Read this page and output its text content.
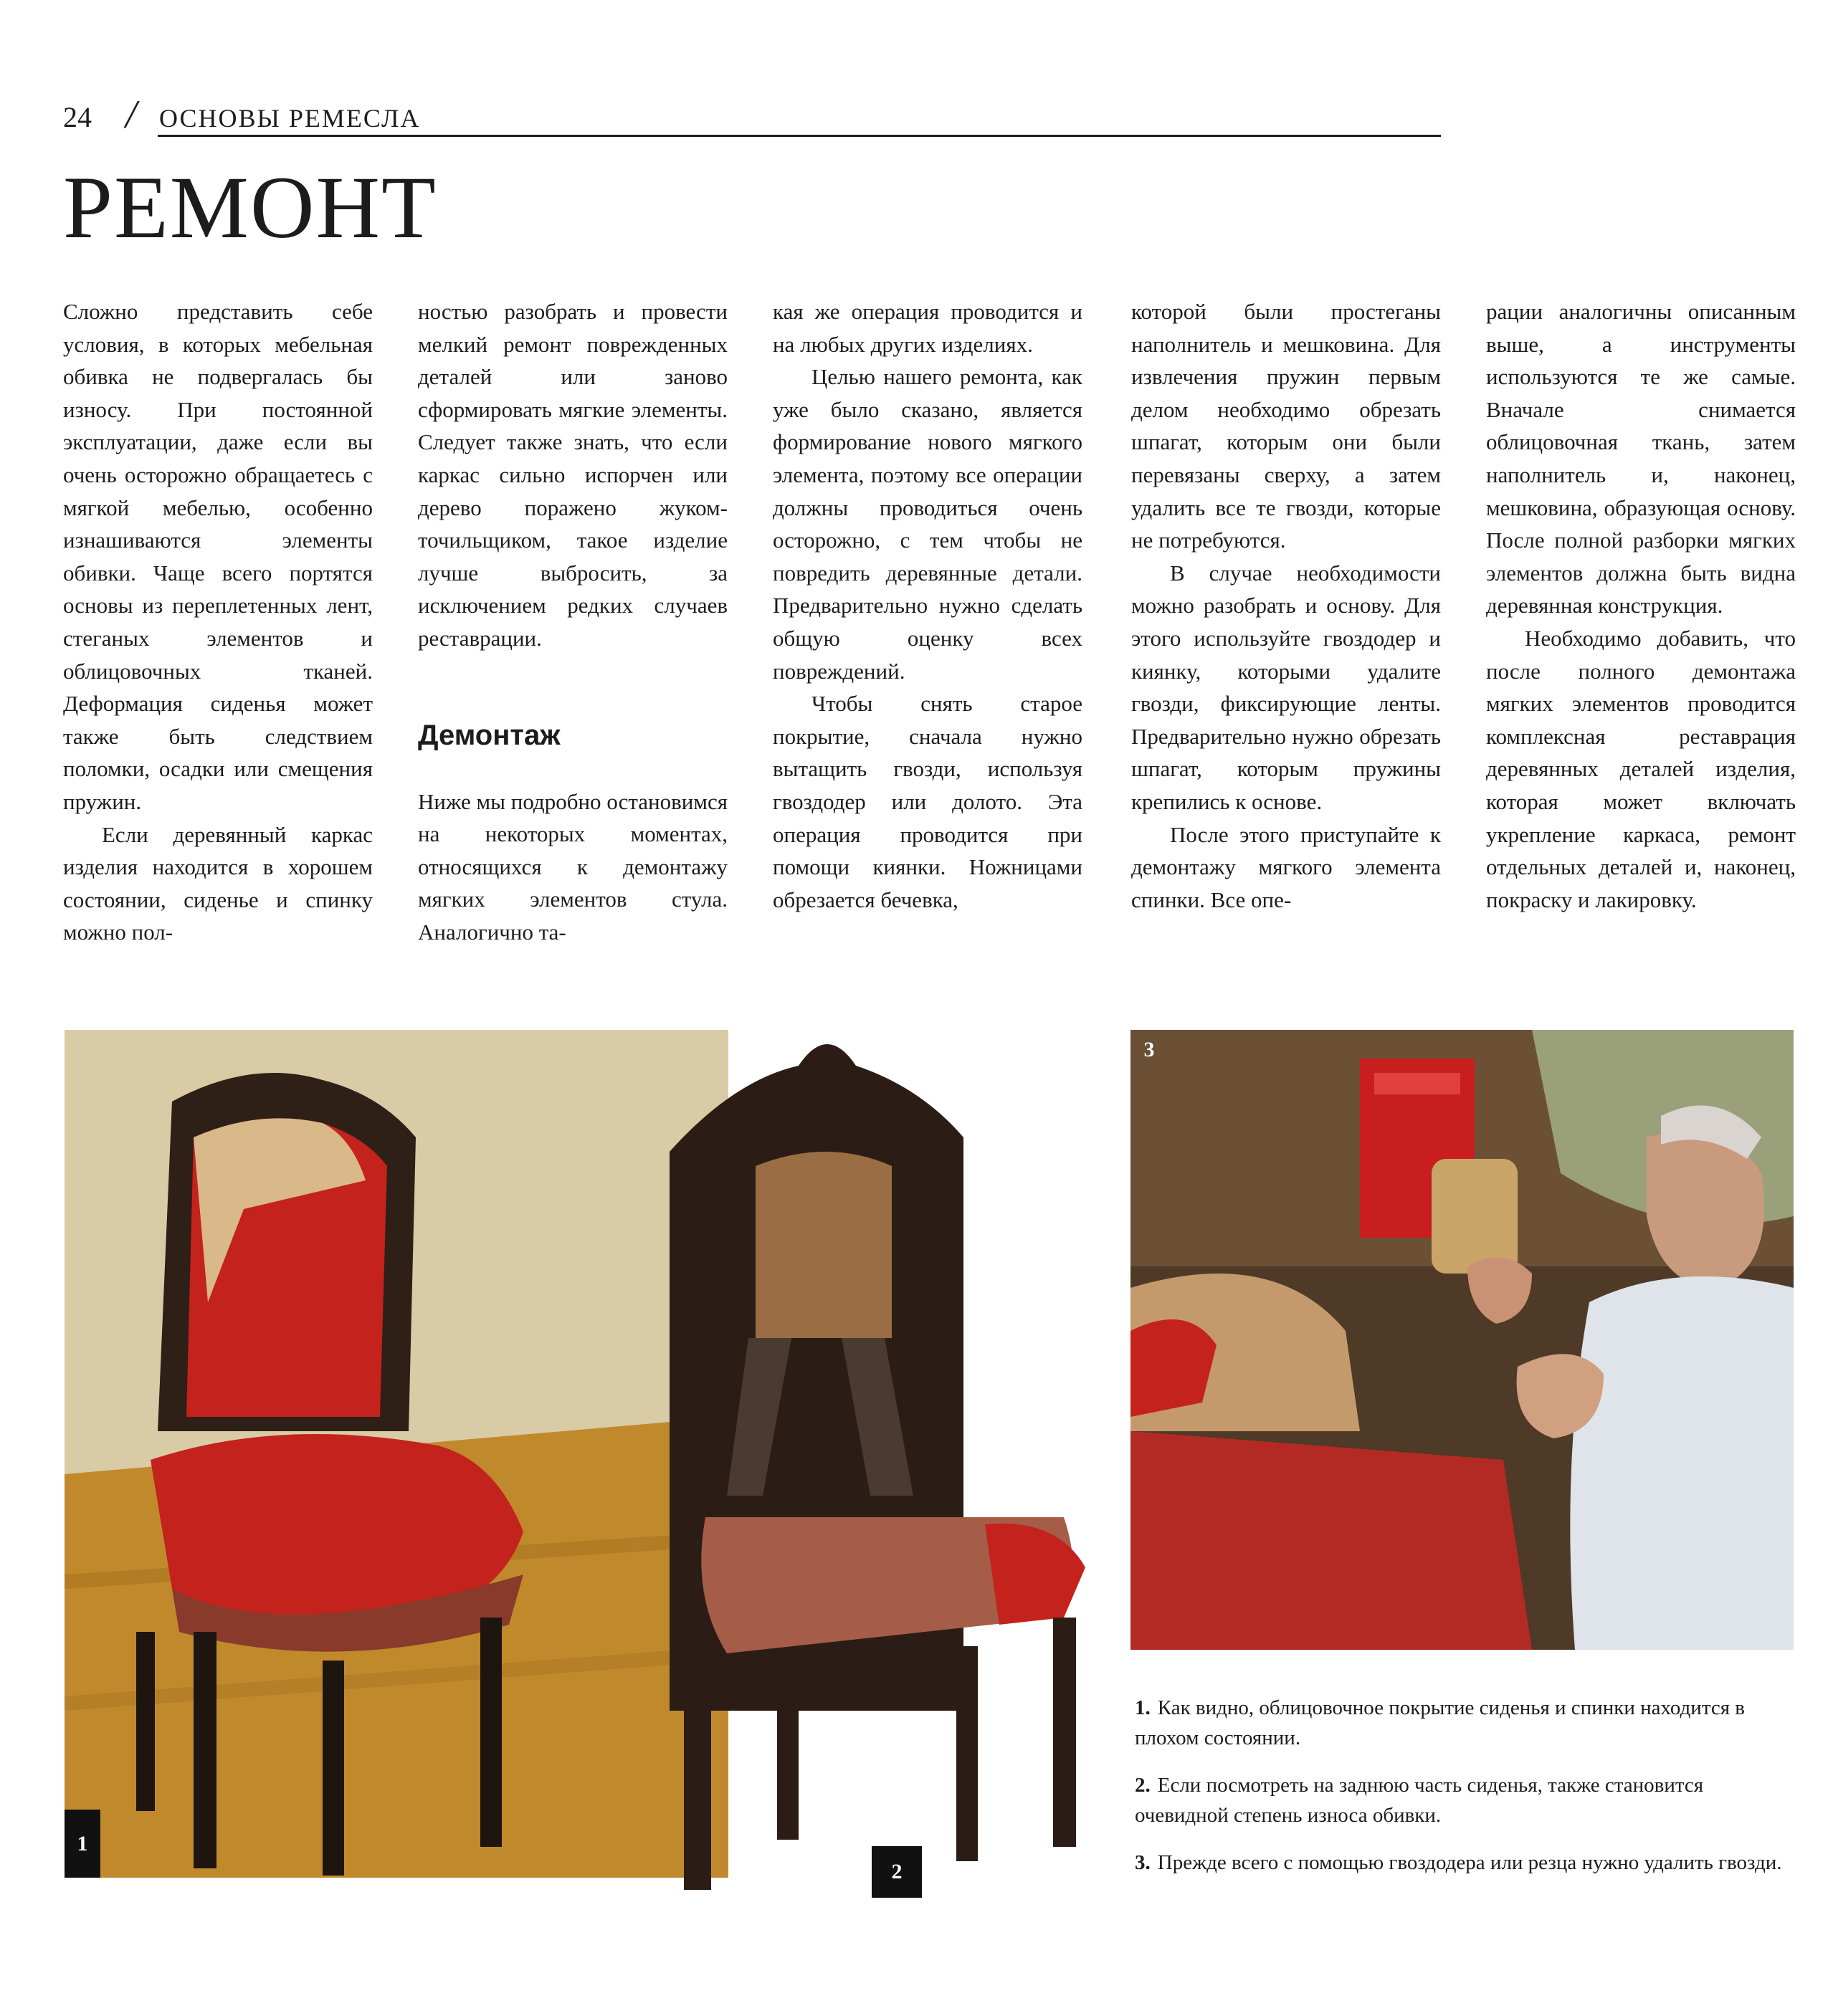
24 / ОСНОВЫ РЕМЕСЛА
РЕМОНТ

Сложно представить себе условия, в которых мебельная обивка не подвергалась бы износу. При постоянной эксплуатации, даже если вы очень осторожно обращаетесь с мягкой мебелью, особенно изнашиваются элементы обивки. Чаще всего портятся основы из переплетенных лент, стеганых элементов и облицовочных тканей. Деформация сиденья может также быть следствием поломки, осадки или смещения пружин.

Если деревянный каркас изделия находится в хорошем состоянии, сиденье и спинку можно пол-

ностью разобрать и провести мелкий ремонт поврежденных деталей или заново сформировать мягкие элементы. Следует также знать, что если каркас сильно испорчен или дерево поражено жуком-точильщиком, такое изделие лучше выбросить, за исключением редких случаев реставрации.

Демонтаж

Ниже мы подробно остановимся на некоторых моментах, относящихся к демонтажу мягких элементов стула. Аналогично та-

кая же операция проводится и на любых других изделиях.

Целью нашего ремонта, как уже было сказано, является формирование нового мягкого элемента, поэтому все операции должны проводиться очень осторожно, с тем чтобы не повредить деревянные детали. Предварительно нужно сделать общую оценку всех повреждений.

Чтобы снять старое покрытие, сначала нужно вытащить гвозди, используя гвоздодер или долото. Эта операция проводится при помощи киянки. Ножницами обрезается бечевка,

которой были простеганы наполнитель и мешковина. Для извлечения пружин первым делом необходимо обрезать шпагат, которым они были перевязаны сверху, а затем удалить все те гвозди, которые не потребуются.

В случае необходимости можно разобрать и основу. Для этого используйте гвоздодер и киянку, которыми удалите гвозди, фиксирующие ленты. Предварительно нужно обрезать шпагат, которым пружины крепились к основе.

После этого приступайте к демонтажу мягкого элемента спинки. Все опе-

рации аналогичны описанным выше, а инструменты используются те же самые. Вначале снимается облицовочная ткань, затем наполнитель и, наконец, мешковина, образующая основу. После полной разборки мягких элементов должна быть видна деревянная конструкция.

Необходимо добавить, что после полного демонтажа мягких элементов проводится комплексная реставрация деревянных деталей изделия, которая может включать укрепление каркаса, ремонт отдельных деталей и, наконец, покраску и лакировку.

1
2
3

1. Как видно, облицовочное покрытие сиденья и спинки находится в плохом состоянии.

2. Если посмотреть на заднюю часть сиденья, также становится очевидной степень износа обивки.

3. Прежде всего с помощью гвоздодера или резца нужно удалить гвозди.
